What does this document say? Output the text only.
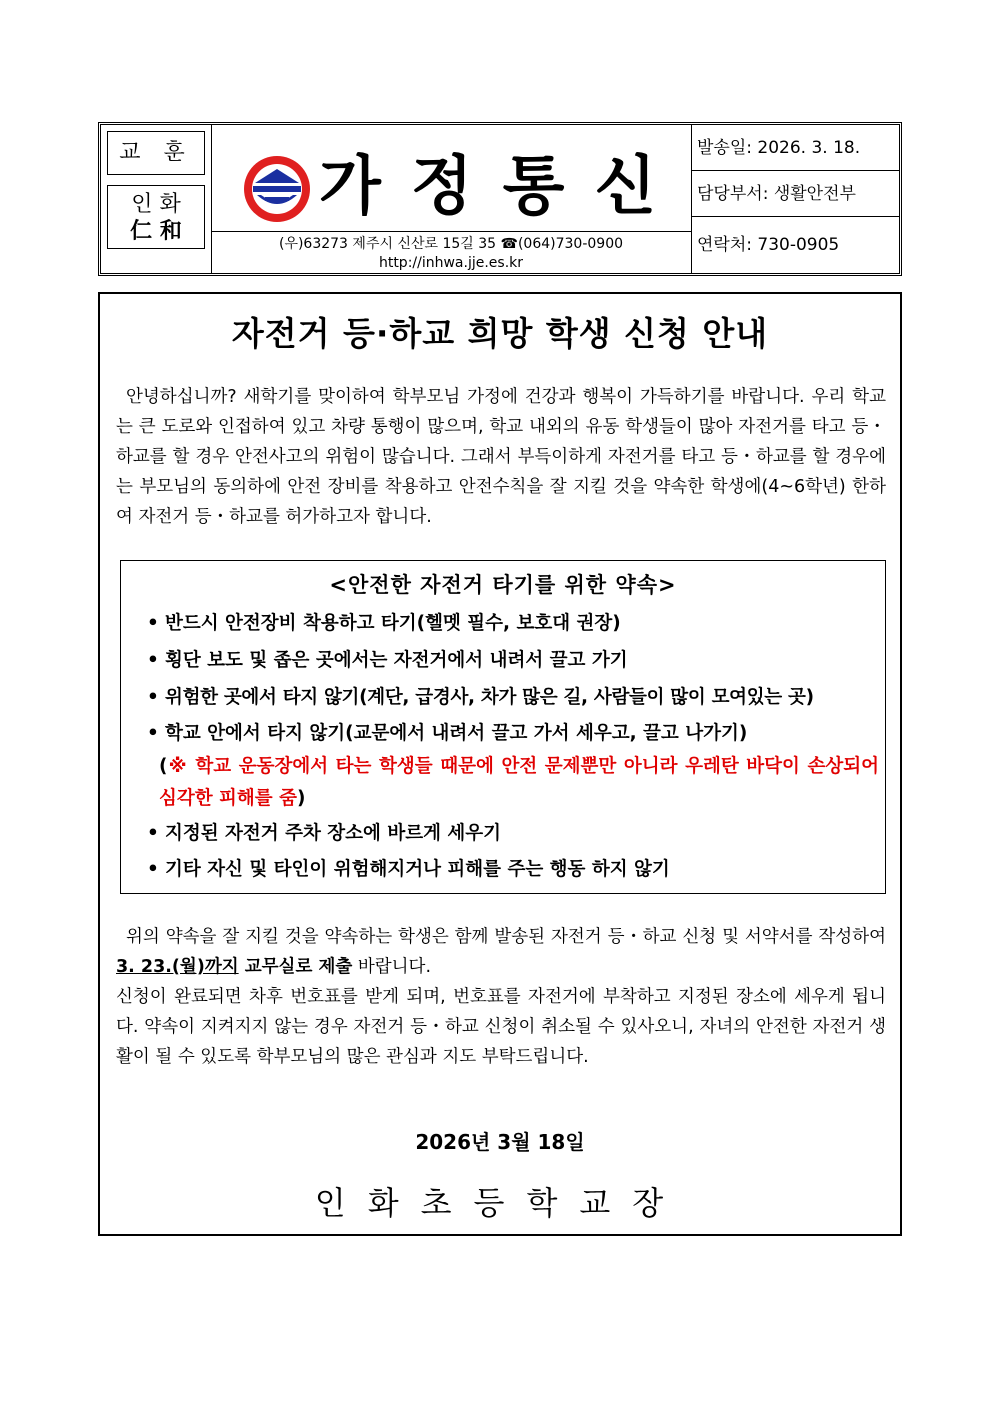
교 훈
인 화
仁 和
가정통신
(우)63273 제주시 신산로 15길 35 ☎(064)730-0900
http://inhwa.jje.es.kr
발송일: 2026. 3. 18.
담당부서: 생활안전부
연락처: 730-0905
자전거 등·하교 희망 학생 신청 안내
안녕하십니까? 새학기를 맞이하여 학부모님 가정에 건강과 행복이 가득하기를 바랍니다. 우리 학교는 큰 도로와 인접하여 있고 차량 통행이 많으며, 학교 내외의 유동 학생들이 많아 자전거를 타고 등・하교를 할 경우 안전사고의 위험이 많습니다. 그래서 부득이하게 자전거를 타고 등・하교를 할 경우에는 부모님의 동의하에 안전 장비를 착용하고 안전수칙을 잘 지킬 것을 약속한 학생에(4~6학년) 한하여 자전거 등・하교를 허가하고자 합니다.
<안전한 자전거 타기를 위한 약속>
• 반드시 안전장비 착용하고 타기(헬멧 필수, 보호대 권장)
• 횡단 보도 및 좁은 곳에서는 자전거에서 내려서 끌고 가기
• 위험한 곳에서 타지 않기(계단, 급경사, 차가 많은 길, 사람들이 많이 모여있는 곳)
• 학교 안에서 타지 않기(교문에서 내려서 끌고 가서 세우고, 끌고 나가기)
(※ 학교 운동장에서 타는 학생들 때문에 안전 문제뿐만 아니라 우레탄 바닥이 손상되어 심각한 피해를 줌)
• 지정된 자전거 주차 장소에 바르게 세우기
• 기타 자신 및 타인이 위험해지거나 피해를 주는 행동 하지 않기
위의 약속을 잘 지킬 것을 약속하는 학생은 함께 발송된 자전거 등・하교 신청 및 서약서를 작성하여 3. 23.(월)까지 교무실로 제출 바랍니다.
신청이 완료되면 차후 번호표를 받게 되며, 번호표를 자전거에 부착하고 지정된 장소에 세우게 됩니다. 약속이 지켜지지 않는 경우 자전거 등・하교 신청이 취소될 수 있사오니, 자녀의 안전한 자전거 생활이 될 수 있도록 학부모님의 많은 관심과 지도 부탁드립니다.
2026년 3월 18일
인화초등학교장
